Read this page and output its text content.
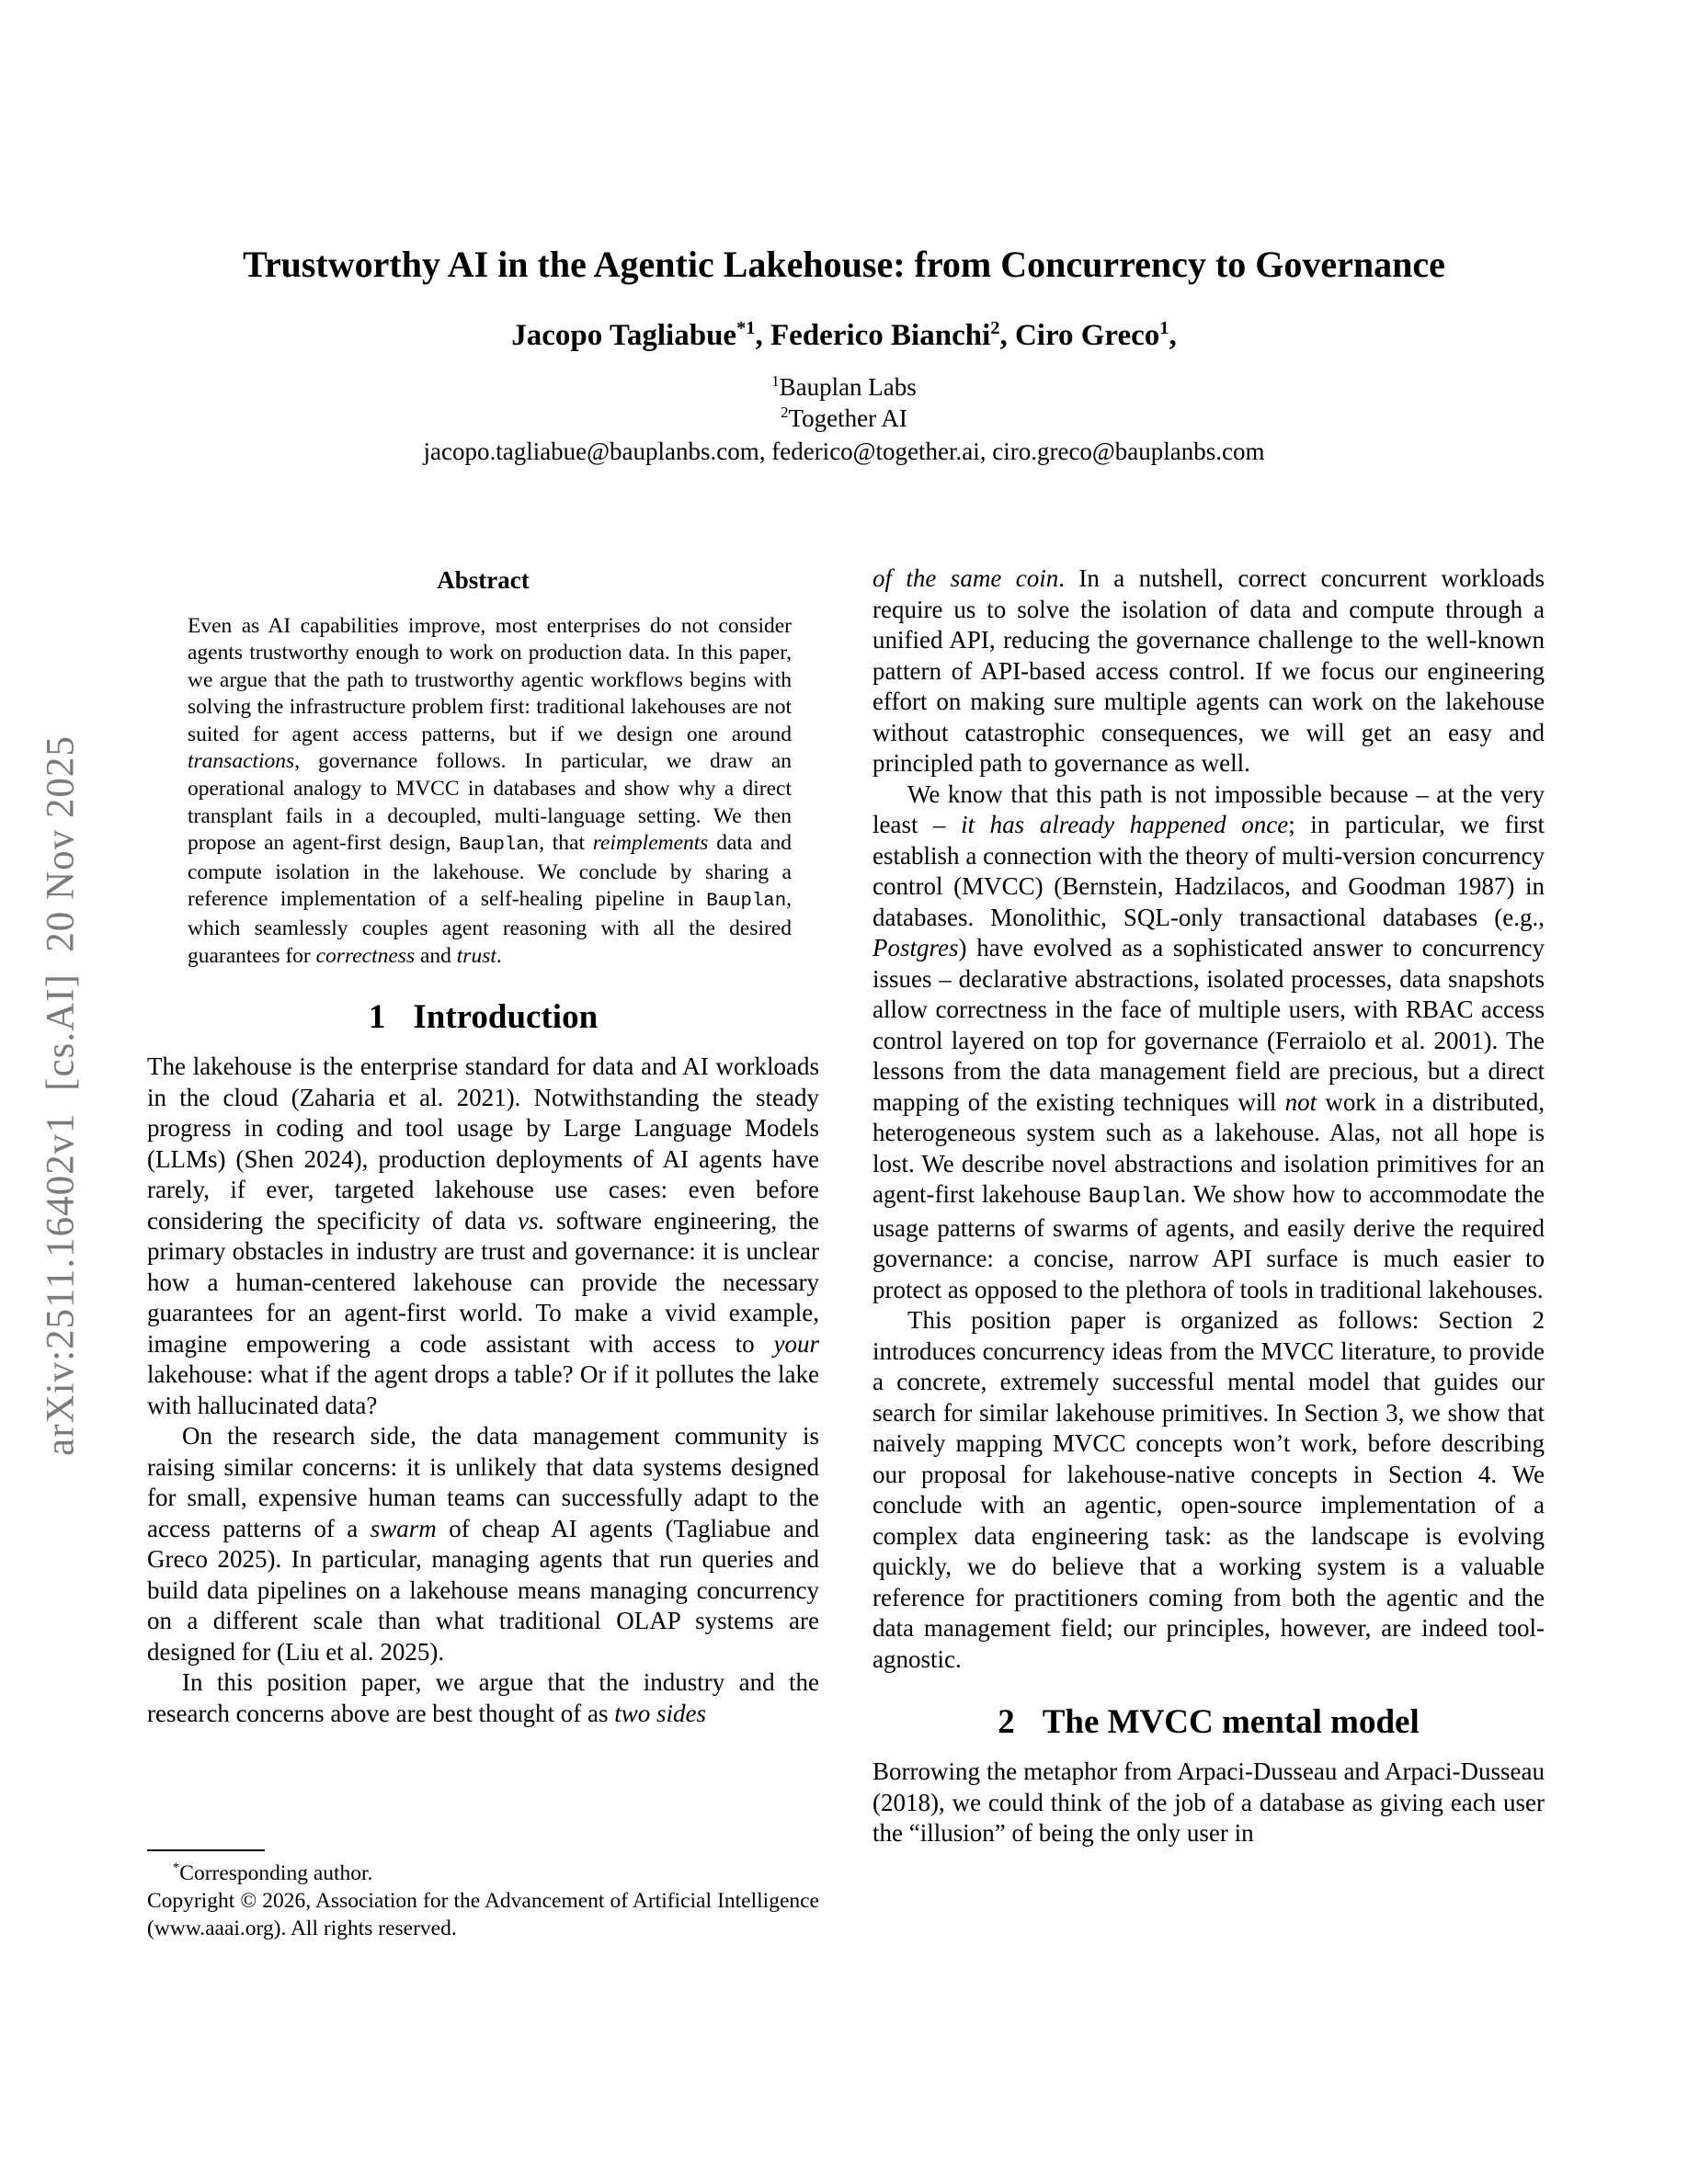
arXiv:2511.16402v1  [cs.AI]  20 Nov 2025
Trustworthy AI in the Agentic Lakehouse: from Concurrency to Governance
Jacopo Tagliabue$^{*1}$, Federico Bianchi$^2$, Ciro Greco$^1$,
$^1$Bauplan Labs
$^2$Together AI
jacopo.tagliabue@bauplanbs.com, federico@together.ai, ciro.greco@bauplanbs.com
Abstract

Even as AI capabilities improve, most enterprises do not consider agents trustworthy enough to work on production data. In this paper, we argue that the path to trustworthy agentic workflows begins with solving the infrastructure problem first: traditional lakehouses are not suited for agent access patterns, but if we design one around transactions, governance follows. In particular, we draw an operational analogy to MVCC in databases and show why a direct transplant fails in a decoupled, multi-language setting. We then propose an agent-first design, Bauplan, that reimplements data and compute isolation in the lakehouse. We conclude by sharing a reference implementation of a self-healing pipeline in Bauplan, which seamlessly couples agent reasoning with all the desired guarantees for correctness and trust.

1 Introduction

The lakehouse is the enterprise standard for data and AI workloads in the cloud (Zaharia et al. 2021). Notwithstanding the steady progress in coding and tool usage by Large Language Models (LLMs) (Shen 2024), production deployments of AI agents have rarely, if ever, targeted lakehouse use cases: even before considering the specificity of data vs. software engineering, the primary obstacles in industry are trust and governance: it is unclear how a human-centered lakehouse can provide the necessary guarantees for an agent-first world. To make a vivid example, imagine empowering a code assistant with access to your lakehouse: what if the agent drops a table? Or if it pollutes the lake with hallucinated data?

On the research side, the data management community is raising similar concerns: it is unlikely that data systems designed for small, expensive human teams can successfully adapt to the access patterns of a swarm of cheap AI agents (Tagliabue and Greco 2025). In particular, managing agents that run queries and build data pipelines on a lakehouse means managing concurrency on a different scale than what traditional OLAP systems are designed for (Liu et al. 2025).

In this position paper, we argue that the industry and the research concerns above are best thought of as two sides

*Corresponding author.
Copyright © 2026, Association for the Advancement of Artificial Intelligence (www.aaai.org). All rights reserved.

of the same coin. In a nutshell, correct concurrent workloads require us to solve the isolation of data and compute through a unified API, reducing the governance challenge to the well-known pattern of API-based access control. If we focus our engineering effort on making sure multiple agents can work on the lakehouse without catastrophic consequences, we will get an easy and principled path to governance as well.

We know that this path is not impossible because – at the very least – it has already happened once; in particular, we first establish a connection with the theory of multi-version concurrency control (MVCC) (Bernstein, Hadzilacos, and Goodman 1987) in databases. Monolithic, SQL-only transactional databases (e.g., Postgres) have evolved as a sophisticated answer to concurrency issues – declarative abstractions, isolated processes, data snapshots allow correctness in the face of multiple users, with RBAC access control layered on top for governance (Ferraiolo et al. 2001). The lessons from the data management field are precious, but a direct mapping of the existing techniques will not work in a distributed, heterogeneous system such as a lakehouse. Alas, not all hope is lost. We describe novel abstractions and isolation primitives for an agent-first lakehouse Bauplan. We show how to accommodate the usage patterns of swarms of agents, and easily derive the required governance: a concise, narrow API surface is much easier to protect as opposed to the plethora of tools in traditional lakehouses.

This position paper is organized as follows: Section 2 introduces concurrency ideas from the MVCC literature, to provide a concrete, extremely successful mental model that guides our search for similar lakehouse primitives. In Section 3, we show that naively mapping MVCC concepts won’t work, before describing our proposal for lakehouse-native concepts in Section 4. We conclude with an agentic, open-source implementation of a complex data engineering task: as the landscape is evolving quickly, we do believe that a working system is a valuable reference for practitioners coming from both the agentic and the data management field; our principles, however, are indeed tool-agnostic.

2 The MVCC mental model

Borrowing the metaphor from Arpaci-Dusseau and Arpaci-Dusseau (2018), we could think of the job of a database as giving each user the “illusion” of being the only user in
